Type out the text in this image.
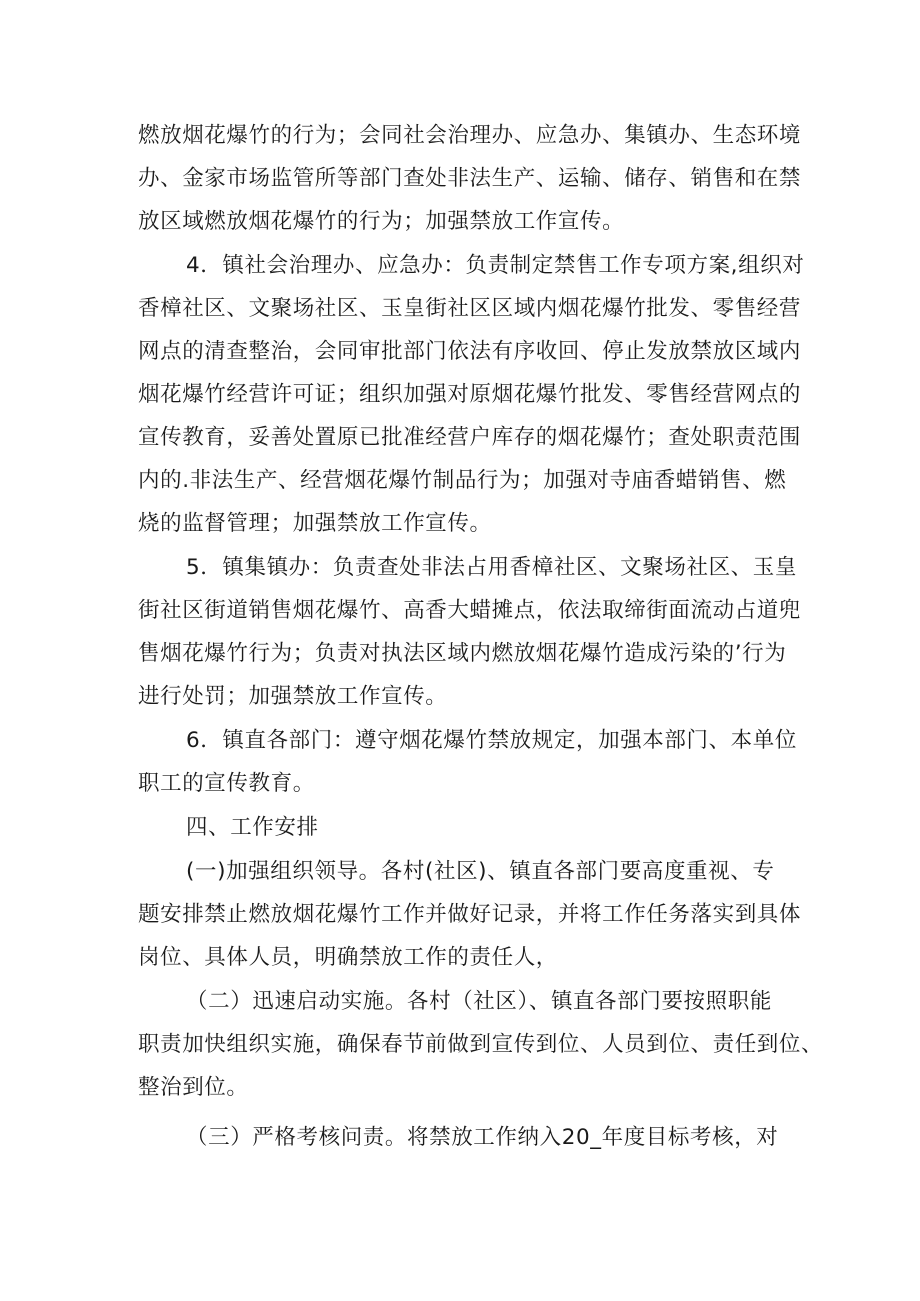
燃放烟花爆竹的行为；会同社会治理办、应急办、集镇办、生态环境
办、金家市场监管所等部门查处非法生产、运输、储存、销售和在禁
放区域燃放烟花爆竹的行为；加强禁放工作宣传。
4．镇社会治理办、应急办：负责制定禁售工作专项方案,组织对
香樟社区、文聚场社区、玉皇街社区区域内烟花爆竹批发、零售经营
网点的清查整治，会同审批部门依法有序收回、停止发放禁放区域内
烟花爆竹经营许可证；组织加强对原烟花爆竹批发、零售经营网点的
宣传教育，妥善处置原已批准经营户库存的烟花爆竹；查处职责范围
内的.非法生产、经营烟花爆竹制品行为；加强对寺庙香蜡销售、燃
烧的监督管理；加强禁放工作宣传。
5．镇集镇办：负责查处非法占用香樟社区、文聚场社区、玉皇
街社区街道销售烟花爆竹、高香大蜡摊点，依法取缔街面流动占道兜
售烟花爆竹行为；负责对执法区域内燃放烟花爆竹造成污染的’行为
进行处罚；加强禁放工作宣传。
6．镇直各部门：遵守烟花爆竹禁放规定，加强本部门、本单位
职工的宣传教育。
四、工作安排
(一)加强组织领导。各村(社区)、镇直各部门要高度重视、专
题安排禁止燃放烟花爆竹工作并做好记录，并将工作任务落实到具体
岗位、具体人员，明确禁放工作的责任人，
（二）迅速启动实施。各村（社区）、镇直各部门要按照职能
职责加快组织实施，确保春节前做到宣传到位、人员到位、责任到位、
整治到位。
（三）严格考核问责。将禁放工作纳入20_年度目标考核，对
